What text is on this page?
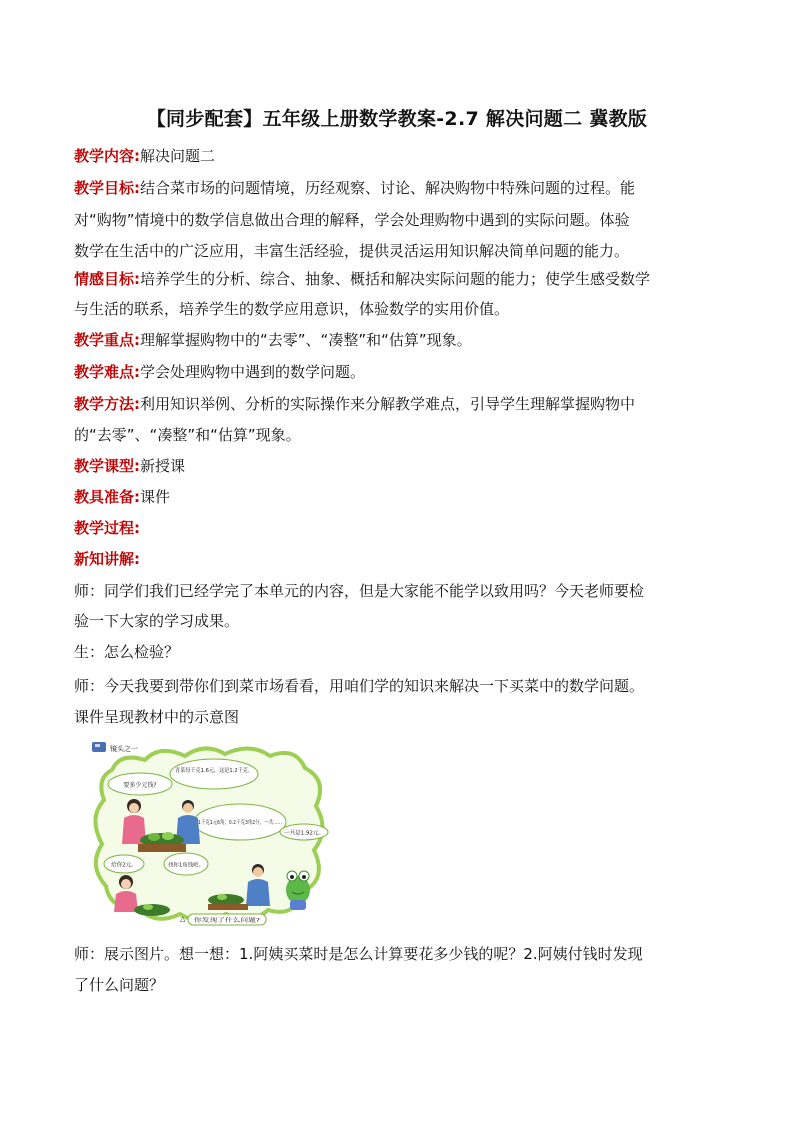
【同步配套】五年级上册数学教案-2.7 解决问题二 冀教版
教学内容:解决问题二
教学目标:结合菜市场的问题情境，历经观察、讨论、解决购物中特殊问题的过程。能
对“购物”情境中的数学信息做出合理的解释，学会处理购物中遇到的实际问题。体验
数学在生活中的广泛应用，丰富生活经验，提供灵活运用知识解决简单问题的能力。
情感目标:培养学生的分析、综合、抽象、概括和解决实际问题的能力；使学生感受数学
与生活的联系，培养学生的数学应用意识，体验数学的实用价值。
教学重点:理解掌握购物中的“去零”、“凑整”和“估算”现象。
教学难点:学会处理购物中遇到的数学问题。
教学方法:利用知识举例、分析的实际操作来分解教学难点，引导学生理解掌握购物中
的“去零”、“凑整”和“估算”现象。
教学课型:新授课
教具准备:课件
教学过程:
新知讲解:
师：同学们我们已经学完了本单元的内容，但是大家能不能学以致用吗？今天老师要检
验一下大家的学习成果。
生：怎么检验？
师：今天我要到带你们到菜市场看看，用咱们学的知识来解决一下买菜中的数学问题。
课件呈现教材中的示意图
镜头之一
要多少元钱?
青菜每千克1.6元，这是1.2千克。
1千克1元6角，0.2千克3角2分，一共……
一共是1.92元。
给你2元。	找你1角钱吧。
△ 你发现了什么问题?
师：展示图片。想一想：1.阿姨买菜时是怎么计算要花多少钱的呢？2.阿姨付钱时发现
了什么问题？
